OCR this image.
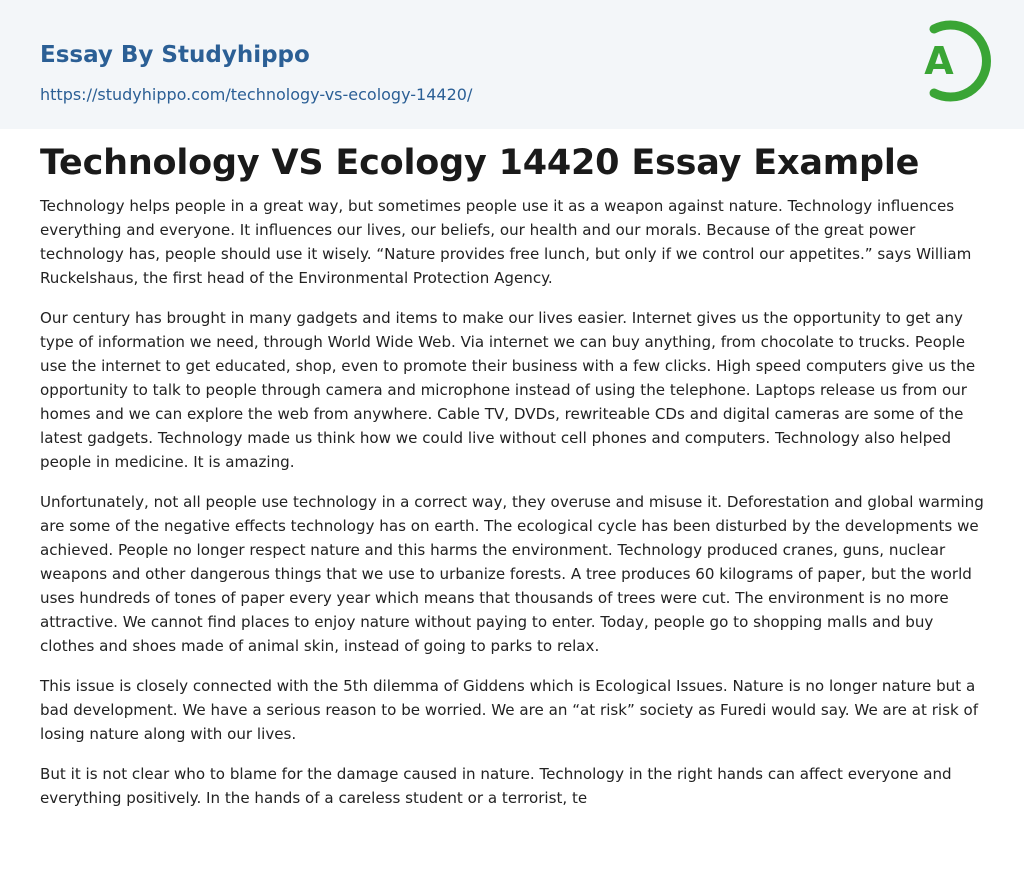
Essay By Studyhippo
https://studyhippo.com/technology-vs-ecology-14420/
A
Technology VS Ecology 14420 Essay Example

Technology helps people in a great way, but sometimes people use it as a weapon against nature. Technology influences everything and everyone. It influences our lives, our beliefs, our health and our morals. Because of the great power technology has, people should use it wisely. “Nature provides free lunch, but only if we control our appetites.” says William Ruckelshaus, the first head of the Environmental Protection Agency.

Our century has brought in many gadgets and items to make our lives easier. Internet gives us the opportunity to get any type of information we need, through World Wide Web. Via internet we can buy anything, from chocolate to trucks. People use the internet to get educated, shop, even to promote their business with a few clicks. High speed computers give us the opportunity to talk to people through camera and microphone instead of using the telephone. Laptops release us from our homes and we can explore the web from anywhere. Cable TV, DVDs, rewriteable CDs and digital cameras are some of the latest gadgets. Technology made us think how we could live without cell phones and computers. Technology also helped people in medicine. It is amazing.

Unfortunately, not all people use technology in a correct way, they overuse and misuse it. Deforestation and global warming are some of the negative effects technology has on earth. The ecological cycle has been disturbed by the developments we achieved. People no longer respect nature and this harms the environment. Technology produced cranes, guns, nuclear weapons and other dangerous things that we use to urbanize forests. A tree produces 60 kilograms of paper, but the world uses hundreds of tones of paper every year which means that thousands of trees were cut. The environment is no more attractive. We cannot find places to enjoy nature without paying to enter. Today, people go to shopping malls and buy clothes and shoes made of animal skin, instead of going to parks to relax.

This issue is closely connected with the 5th dilemma of Giddens which is Ecological Issues. Nature is no longer nature but a bad development. We have a serious reason to be worried. We are an “at risk” society as Furedi would say. We are at risk of losing nature along with our lives.

But it is not clear who to blame for the damage caused in nature. Technology in the right hands can affect everyone and everything positively. In the hands of a careless student or a terrorist, te
